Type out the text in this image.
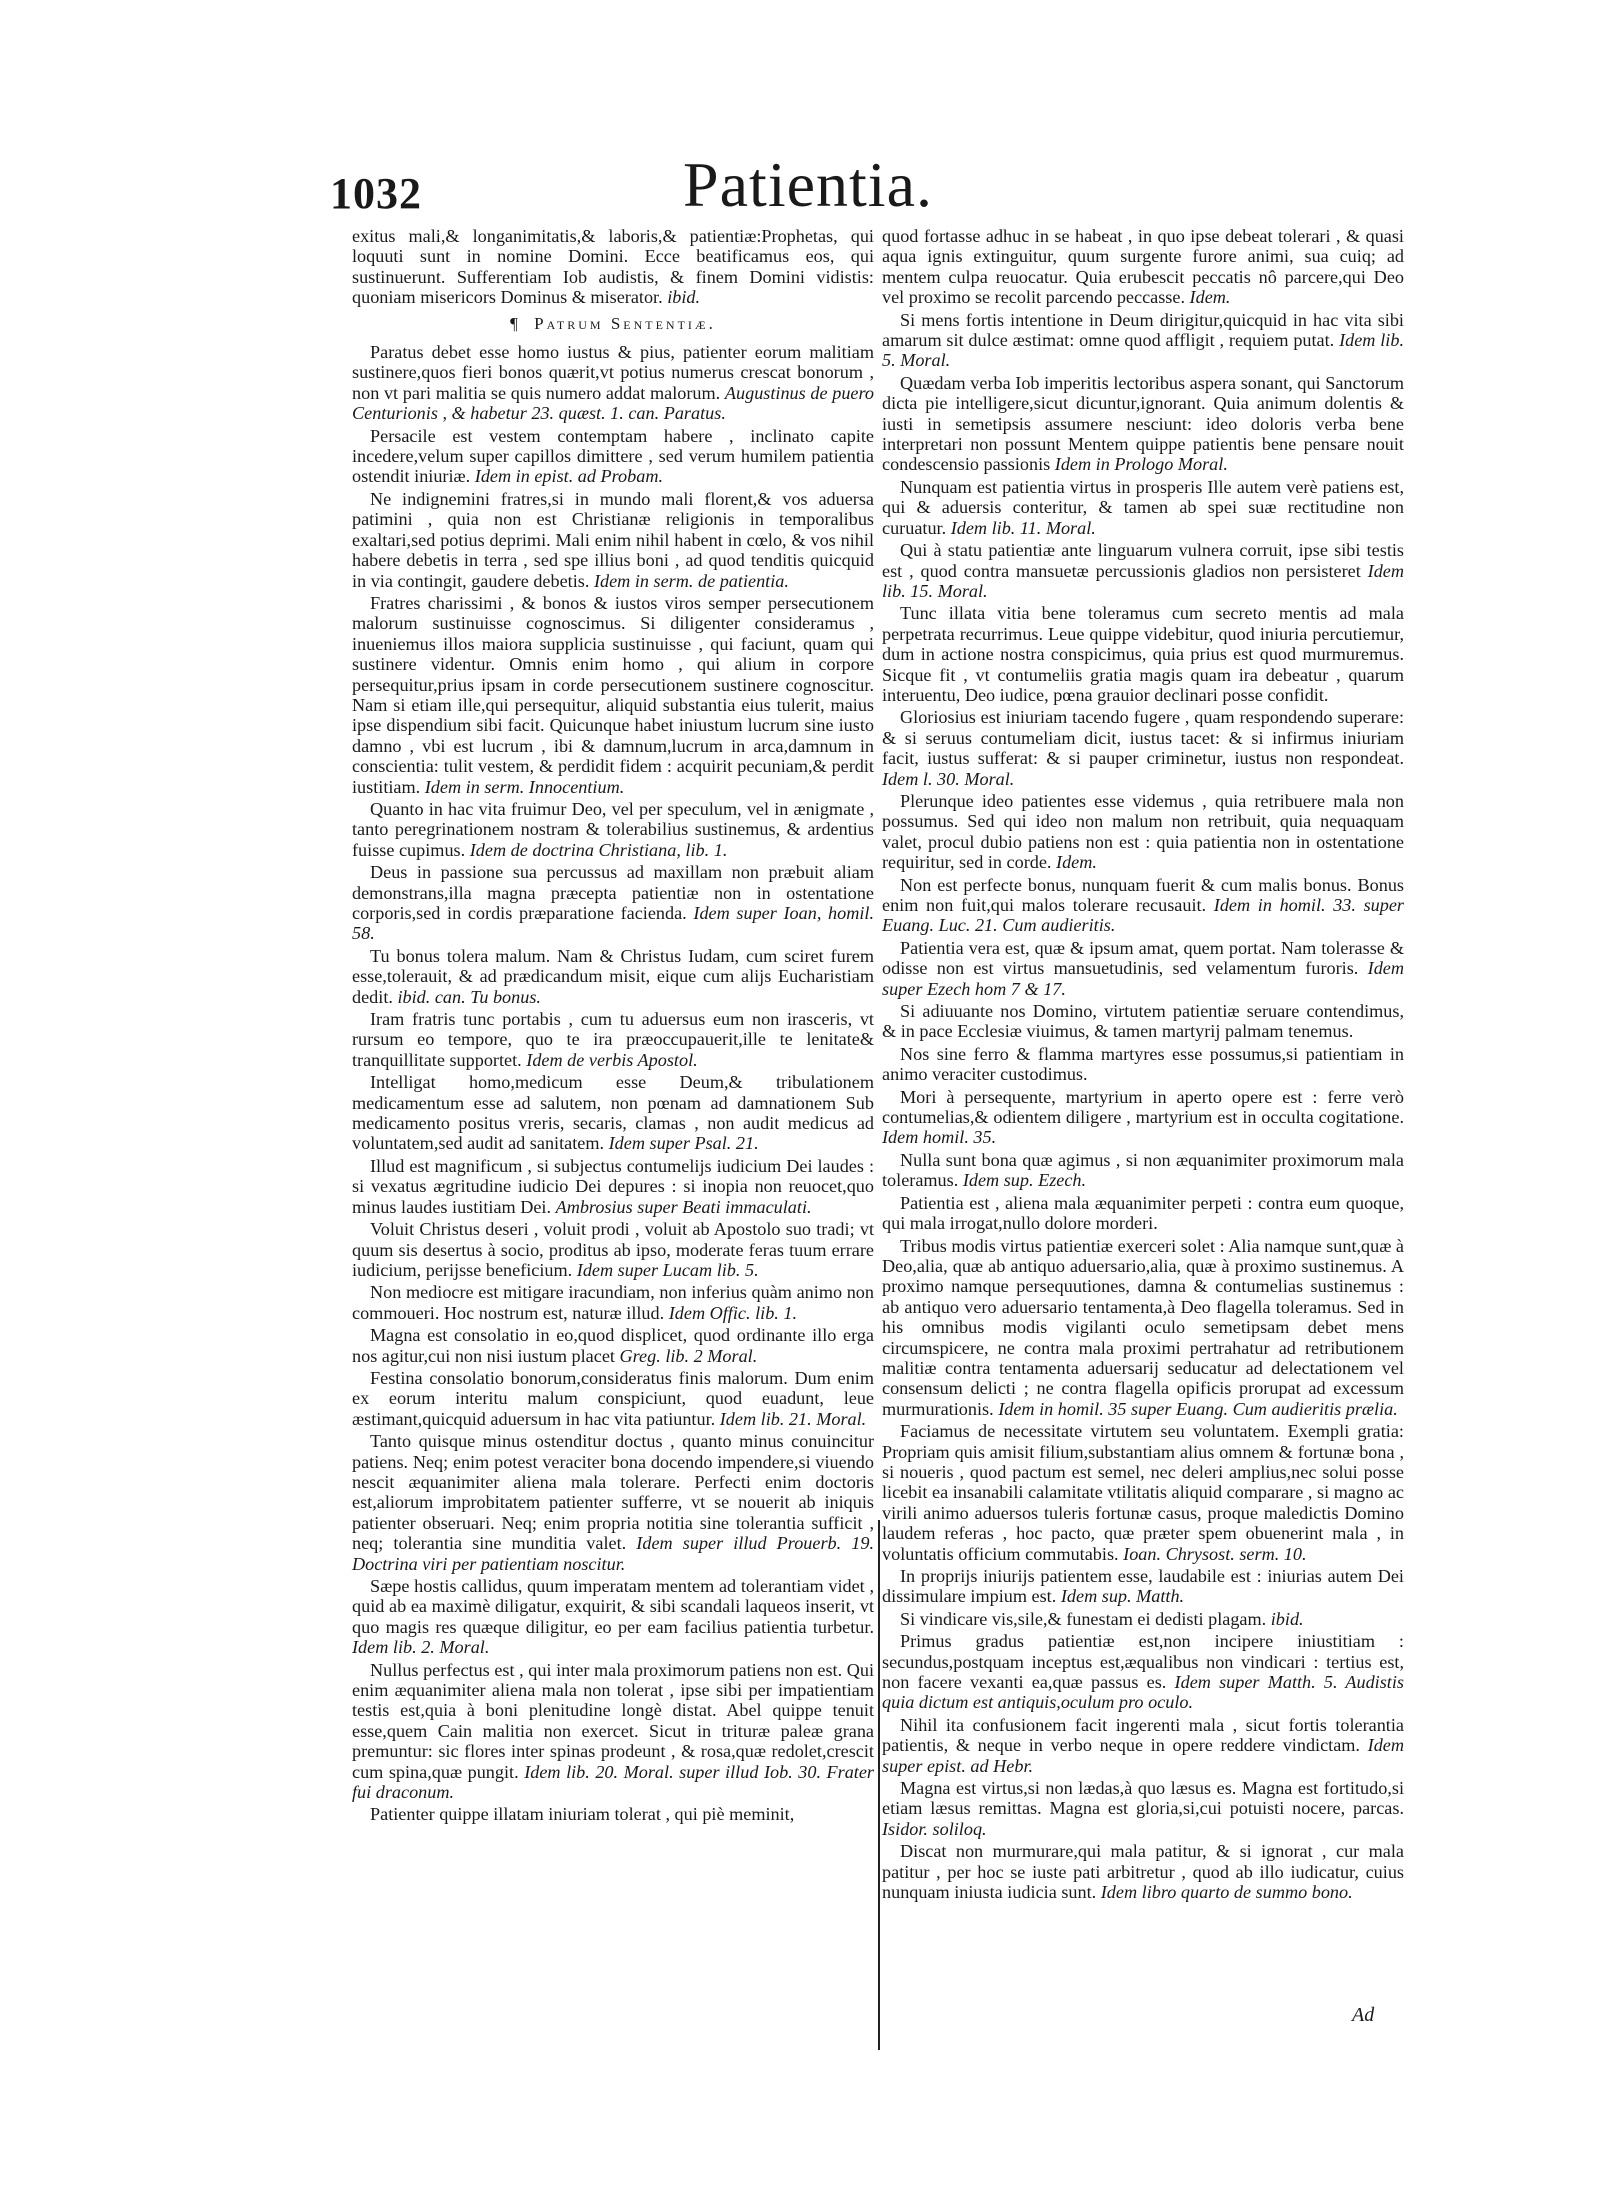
1032	Patientia.

exitus mali,& longanimitatis,& laboris,& patientiæ:Prophetas, qui loquuti sunt in nomine Domini. Ecce beatificamus eos, qui sustinuerunt. Sufferentiam Iob audistis, & finem Domini vidistis: quoniam misericors Dominus & miserator. ibid.

¶ Patrum Sententiæ.

Paratus debet esse homo iustus & pius, patienter eorum malitiam sustinere,quos fieri bonos quærit,vt potius numerus crescat bonorum , non vt pari malitia se quis numero addat malorum. Augustinus de puero Centurionis , & habetur 23. quæst. 1. can. Paratus.

Persacile est vestem contemptam habere , inclinato capite incedere,velum super capillos dimittere , sed verum humilem patientia ostendit iniuriæ. Idem in epist. ad Probam.

Ne indignemini fratres,si in mundo mali florent,& vos aduersa patimini , quia non est Christianæ religionis in temporalibus exaltari,sed potius deprimi. Mali enim nihil habent in cœlo, & vos nihil habere debetis in terra , sed spe illius boni , ad quod tenditis quicquid in via contingit, gaudere debetis. Idem in serm. de patientia.

Fratres charissimi , & bonos & iustos viros semper persecutionem malorum sustinuisse cognoscimus. Si diligenter consideramus , inueniemus illos maiora supplicia sustinuisse , qui faciunt, quam qui sustinere videntur. Omnis enim homo , qui alium in corpore persequitur,prius ipsam in corde persecutionem sustinere cognoscitur. Nam si etiam ille,qui persequitur, aliquid substantia eius tulerit, maius ipse dispendium sibi facit. Quicunque habet iniustum lucrum sine iusto damno , vbi est lucrum , ibi & damnum,lucrum in arca,damnum in conscientia: tulit vestem, & perdidit fidem : acquirit pecuniam,& perdit iustitiam. Idem in serm. Innocentium.

Quanto in hac vita fruimur Deo, vel per speculum, vel in ænigmate , tanto peregrinationem nostram & tolerabilius sustinemus, & ardentius fuisse cupimus. Idem de doctrina Christiana, lib. 1.

Deus in passione sua percussus ad maxillam non præbuit aliam demonstrans,illa magna præcepta patientiæ non in ostentatione corporis,sed in cordis præparatione facienda. Idem super Ioan, homil. 58.

Tu bonus tolera malum. Nam & Christus Iudam, cum sciret furem esse,tolerauit, & ad prædicandum misit, eique cum alijs Eucharistiam dedit. ibid. can. Tu bonus.

Iram fratris tunc portabis , cum tu aduersus eum non irasceris, vt rursum eo tempore, quo te ira præoccupauerit,ille te lenitate& tranquillitate supportet. Idem de verbis Apostol.

Intelligat homo,medicum esse Deum,& tribulationem medicamentum esse ad salutem, non pœnam ad damnationem Sub medicamento positus vreris, secaris, clamas , non audit medicus ad voluntatem,sed audit ad sanitatem. Idem super Psal. 21.

Illud est magnificum , si subjectus contumelijs iudicium Dei laudes : si vexatus ægritudine iudicio Dei depures : si inopia non reuocet,quo minus laudes iustitiam Dei. Ambrosius super Beati immaculati.

Voluit Christus deseri , voluit prodi , voluit ab Apostolo suo tradi; vt quum sis desertus à socio, proditus ab ipso, moderate feras tuum errare iudicium, perijsse beneficium. Idem super Lucam lib. 5.

Non mediocre est mitigare iracundiam, non inferius quàm animo non commoueri. Hoc nostrum est, naturæ illud. Idem Offic. lib. 1.

Magna est consolatio in eo,quod displicet, quod ordinante illo erga nos agitur,cui non nisi iustum placet Greg. lib. 2 Moral.

Festina consolatio bonorum,consideratus finis malorum. Dum enim ex eorum interitu malum conspiciunt, quod euadunt, leue æstimant,quicquid aduersum in hac vita patiuntur. Idem lib. 21. Moral.

Tanto quisque minus ostenditur doctus , quanto minus conuincitur patiens. Neq; enim potest veraciter bona docendo impendere,si viuendo nescit æquanimiter aliena mala tolerare. Perfecti enim doctoris est,aliorum improbitatem patienter sufferre, vt se nouerit ab iniquis patienter obseruari. Neq; enim propria notitia sine tolerantia sufficit , neq; tolerantia sine munditia valet. Idem super illud Prouerb. 19. Doctrina viri per patientiam noscitur.

Sæpe hostis callidus, quum imperatam mentem ad tolerantiam videt , quid ab ea maximè diligatur, exquirit, & sibi scandali laqueos inserit, vt quo magis res quæque diligitur, eo per eam facilius patientia turbetur. Idem lib. 2. Moral.

Nullus perfectus est , qui inter mala proximorum patiens non est. Qui enim æquanimiter aliena mala non tolerat , ipse sibi per impatientiam testis est,quia à boni plenitudine longè distat. Abel quippe tenuit esse,quem Cain malitia non exercet. Sicut in trituræ paleæ grana premuntur: sic flores inter spinas prodeunt , & rosa,quæ redolet,crescit cum spina,quæ pungit. Idem lib. 20. Moral. super illud Iob. 30. Frater fui draconum.

Patienter quippe illatam iniuriam tolerat , qui piè meminit,

quod fortasse adhuc in se habeat , in quo ipse debeat tolerari , & quasi aqua ignis extinguitur, quum surgente furore animi, sua cuiq; ad mentem culpa reuocatur. Quia erubescit peccatis nô parcere,qui Deo vel proximo se recolit parcendo peccasse. Idem.

Si mens fortis intentione in Deum dirigitur,quicquid in hac vita sibi amarum sit dulce æstimat: omne quod affligit , requiem putat. Idem lib. 5. Moral.

Quædam verba Iob imperitis lectoribus aspera sonant, qui Sanctorum dicta pie intelligere,sicut dicuntur,ignorant. Quia animum dolentis & iusti in semetipsis assumere nesciunt: ideo doloris verba bene interpretari non possunt Mentem quippe patientis bene pensare nouit condescensio passionis Idem in Prologo Moral.

Nunquam est patientia virtus in prosperis Ille autem verè patiens est, qui & aduersis conteritur, & tamen ab spei suæ rectitudine non curuatur. Idem lib. 11. Moral.

Qui à statu patientiæ ante linguarum vulnera corruit, ipse sibi testis est , quod contra mansuetæ percussionis gladios non persisteret Idem lib. 15. Moral.

Tunc illata vitia bene toleramus cum secreto mentis ad mala perpetrata recurrimus. Leue quippe videbitur, quod iniuria percutiemur, dum in actione nostra conspicimus, quia prius est quod murmuremus. Sicque fit , vt contumeliis gratia magis quam ira debeatur , quarum interuentu, Deo iudice, pœna grauior declinari posse confidit.

Gloriosius est iniuriam tacendo fugere , quam respondendo superare: & si seruus contumeliam dicit, iustus tacet: & si infirmus iniuriam facit, iustus sufferat: & si pauper criminetur, iustus non respondeat. Idem l. 30. Moral.

Plerunque ideo patientes esse videmus , quia retribuere mala non possumus. Sed qui ideo non malum non retribuit, quia nequaquam valet, procul dubio patiens non est : quia patientia non in ostentatione requiritur, sed in corde. Idem.

Non est perfecte bonus, nunquam fuerit & cum malis bonus. Bonus enim non fuit,qui malos tolerare recusauit. Idem in homil. 33. super Euang. Luc. 21. Cum audieritis.

Patientia vera est, quæ & ipsum amat, quem portat. Nam tolerasse & odisse non est virtus mansuetudinis, sed velamentum furoris. Idem super Ezech hom 7 & 17.

Si adiuuante nos Domino, virtutem patientiæ seruare contendimus, & in pace Ecclesiæ viuimus, & tamen martyrij palmam tenemus.

Nos sine ferro & flamma martyres esse possumus,si patientiam in animo veraciter custodimus.

Mori à persequente, martyrium in aperto opere est : ferre verò contumelias,& odientem diligere , martyrium est in occulta cogitatione. Idem homil. 35.

Nulla sunt bona quæ agimus , si non æquanimiter proximorum mala toleramus. Idem sup. Ezech.

Patientia est , aliena mala æquanimiter perpeti : contra eum quoque, qui mala irrogat,nullo dolore morderi.

Tribus modis virtus patientiæ exerceri solet : Alia namque sunt,quæ à Deo,alia, quæ ab antiquo aduersario,alia, quæ à proximo sustinemus. A proximo namque persequutiones, damna & contumelias sustinemus : ab antiquo vero aduersario tentamenta,à Deo flagella toleramus. Sed in his omnibus modis vigilanti oculo semetipsam debet mens circumspicere, ne contra mala proximi pertrahatur ad retributionem malitiæ contra tentamenta aduersarij seducatur ad delectationem vel consensum delicti ; ne contra flagella opificis prorupat ad excessum murmurationis. Idem in homil. 35 super Euang. Cum audieritis prælia.

Faciamus de necessitate virtutem seu voluntatem. Exempli gratia: Propriam quis amisit filium,substantiam alius omnem & fortunæ bona , si noueris , quod pactum est semel, nec deleri amplius,nec solui posse licebit ea insanabili calamitate vtilitatis aliquid comparare , si magno ac virili animo aduersos tuleris fortunæ casus, proque maledictis Domino laudem referas , hoc pacto, quæ præter spem obuenerint mala , in voluntatis officium commutabis. Ioan. Chrysost. serm. 10.

In proprijs iniurijs patientem esse, laudabile est : iniurias autem Dei dissimulare impium est. Idem sup. Matth.

Si vindicare vis,sile,& funestam ei dedisti plagam. ibid.

Primus gradus patientiæ est,non incipere iniustitiam : secundus,postquam inceptus est,æqualibus non vindicari : tertius est, non facere vexanti ea,quæ passus es. Idem super Matth. 5. Audistis quia dictum est antiquis,oculum pro oculo.

Nihil ita confusionem facit ingerenti mala , sicut fortis tolerantia patientis, & neque in verbo neque in opere reddere vindictam. Idem super epist. ad Hebr.

Magna est virtus,si non lædas,à quo læsus es. Magna est fortitudo,si etiam læsus remittas. Magna est gloria,si,cui potuisti nocere, parcas. Isidor. soliloq.

Discat non murmurare,qui mala patitur, & si ignorat , cur mala patitur , per hoc se iuste pati arbitretur , quod ab illo iudicatur, cuius nunquam iniusta iudicia sunt. Idem libro quarto de summo bono.

Ad
